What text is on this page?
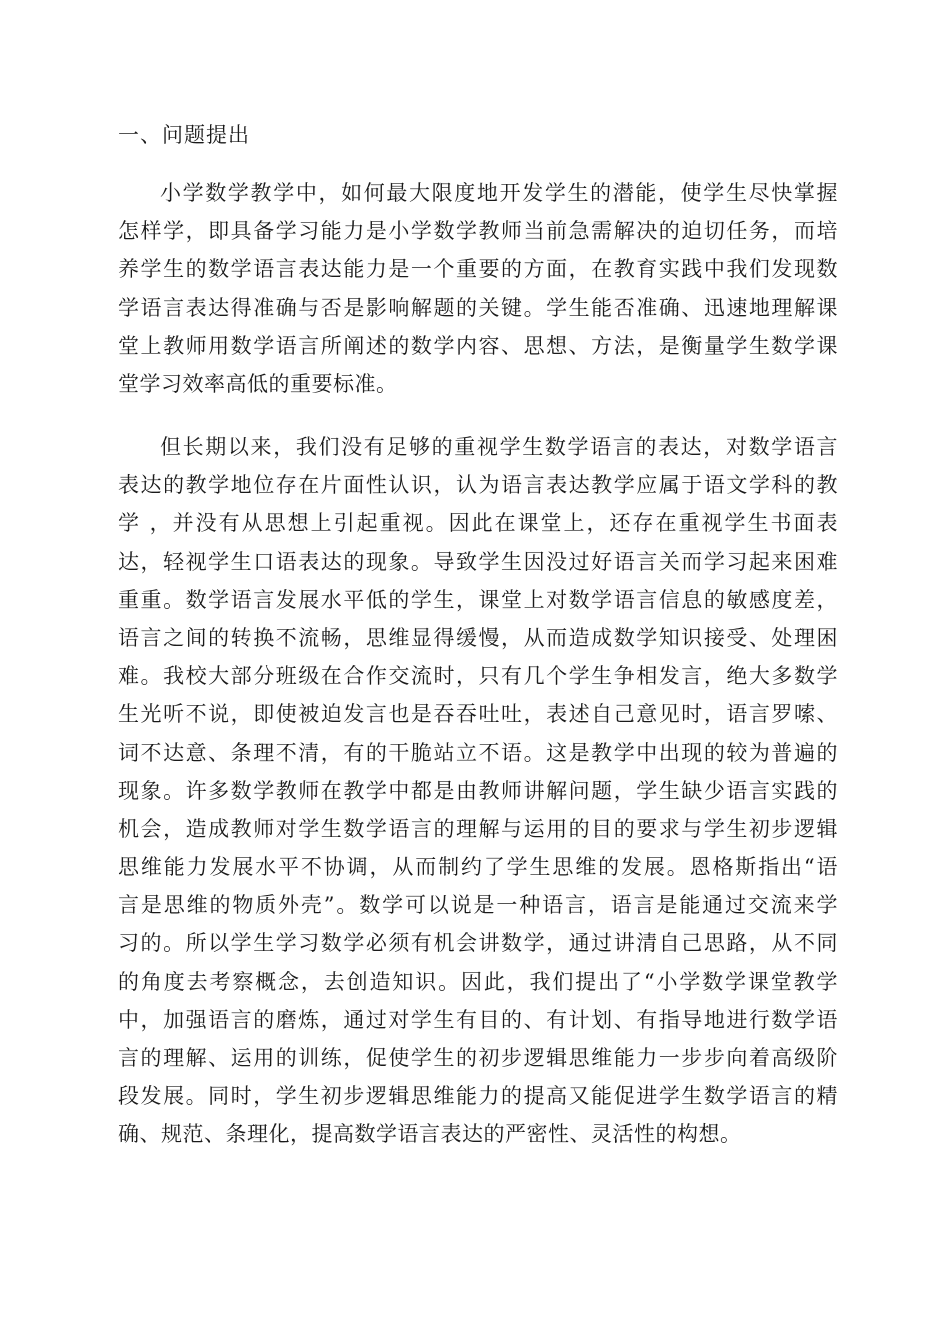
一、问题提出
小学数学教学中，如何最大限度地开发学生的潜能，使学生尽快掌握
怎样学，即具备学习能力是小学数学教师当前急需解决的迫切任务，而培
养学生的数学语言表达能力是一个重要的方面，在教育实践中我们发现数
学语言表达得准确与否是影响解题的关键。学生能否准确、迅速地理解课
堂上教师用数学语言所阐述的数学内容、思想、方法，是衡量学生数学课
堂学习效率高低的重要标准。
但长期以来，我们没有足够的重视学生数学语言的表达，对数学语言
表达的教学地位存在片面性认识，认为语言表达教学应属于语文学科的教
学 ，并没有从思想上引起重视。因此在课堂上，还存在重视学生书面表
达，轻视学生口语表达的现象。导致学生因没过好语言关而学习起来困难
重重。数学语言发展水平低的学生，课堂上对数学语言信息的敏感度差，
语言之间的转换不流畅，思维显得缓慢，从而造成数学知识接受、处理困
难。我校大部分班级在合作交流时，只有几个学生争相发言，绝大多数学
生光听不说，即使被迫发言也是吞吞吐吐，表述自己意见时，语言罗嗦、
词不达意、条理不清，有的干脆站立不语。这是教学中出现的较为普遍的
现象。许多数学教师在教学中都是由教师讲解问题，学生缺少语言实践的
机会，造成教师对学生数学语言的理解与运用的目的要求与学生初步逻辑
思维能力发展水平不协调，从而制约了学生思维的发展。恩格斯指出“语
言是思维的物质外壳”。数学可以说是一种语言，语言是能通过交流来学
习的。所以学生学习数学必须有机会讲数学，通过讲清自己思路，从不同
的角度去考察概念，去创造知识。因此，我们提出了“小学数学课堂教学
中，加强语言的磨炼，通过对学生有目的、有计划、有指导地进行数学语
言的理解、运用的训练，促使学生的初步逻辑思维能力一步步向着高级阶
段发展。同时，学生初步逻辑思维能力的提高又能促进学生数学语言的精
确、规范、条理化，提高数学语言表达的严密性、灵活性的构想。
